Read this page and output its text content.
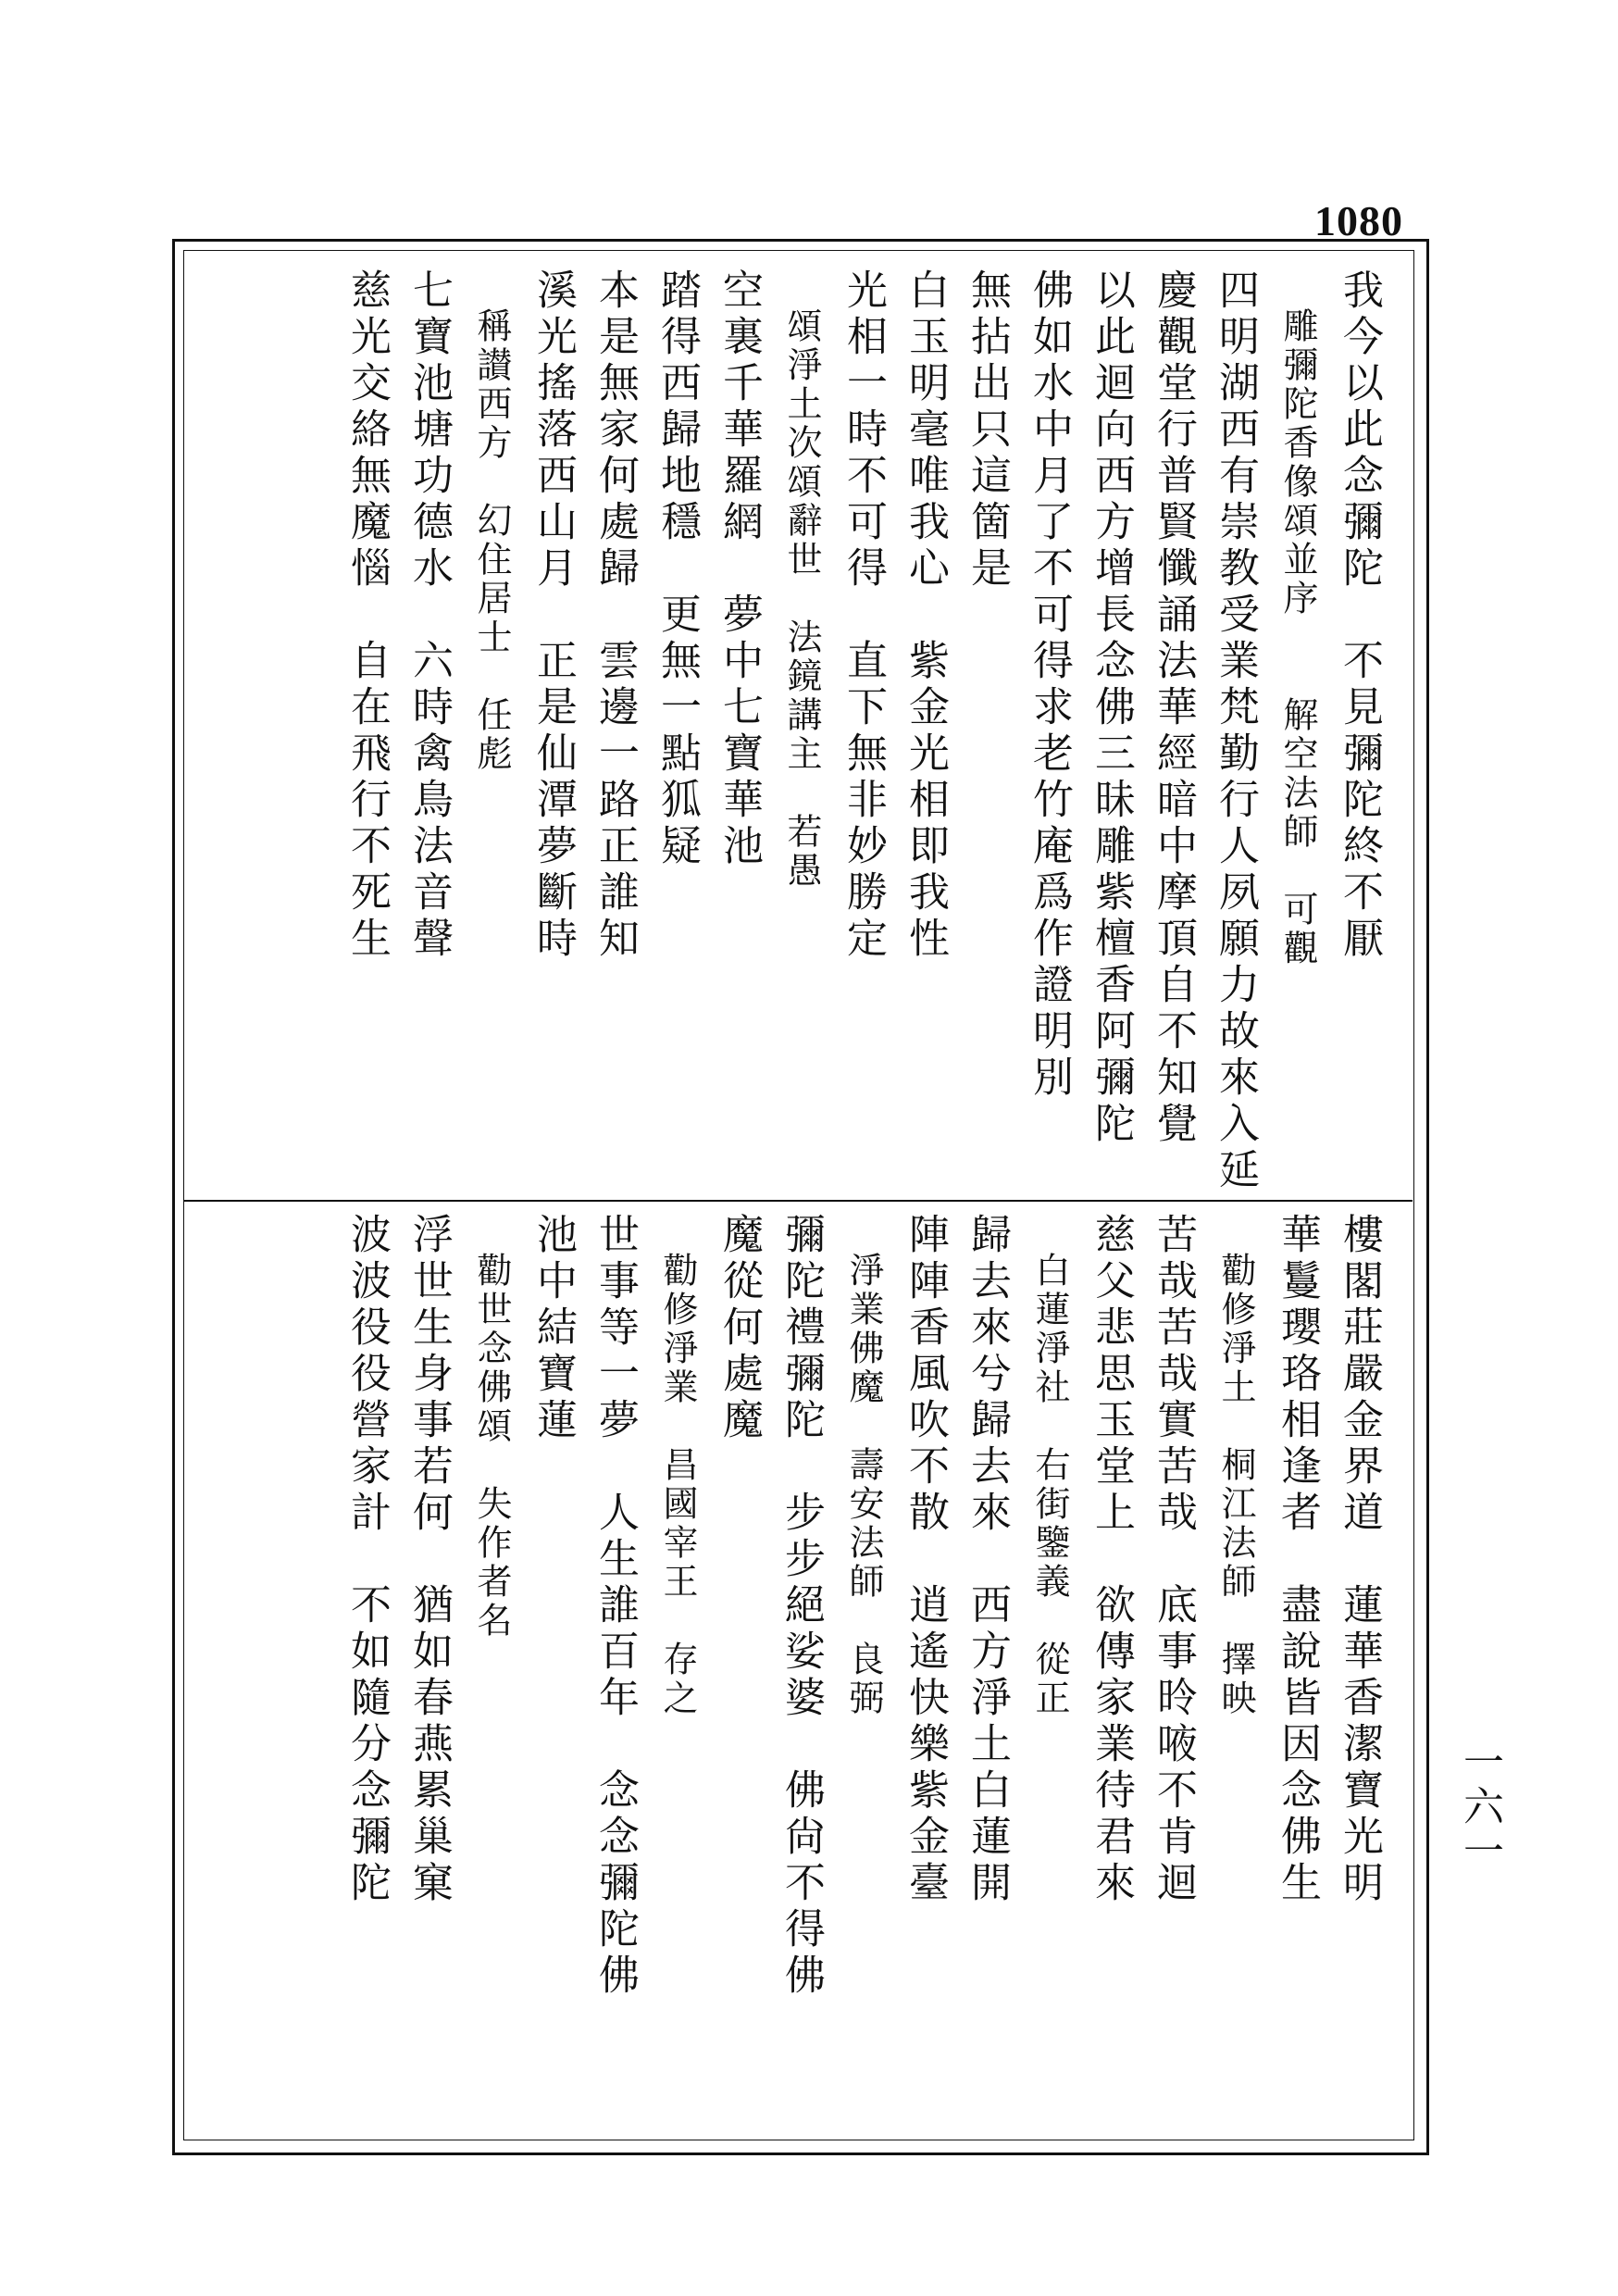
1080
我今以此念彌陀　不見彌陀終不厭
　雕彌陀香像頌並序　　解空法師　可觀
四明湖西有崇教受業梵勤行人夙願力故來入延
慶觀堂行普賢懺誦法華經暗中摩頂自不知覺
以此迴向西方增長念佛三昧雕紫檀香阿彌陀
佛如水中月了不可得求老竹庵爲作證明別
無拈出只這箇是
白玉明毫唯我心　紫金光相即我性
光相一時不可得　直下無非妙勝定
　頌淨土次頌辭世　法鏡講主　若愚
空裏千華羅網　夢中七寶華池
踏得西歸地穩　更無一點狐疑
本是無家何處歸　雲邊一路正誰知
溪光搖落西山月　正是仙潭夢斷時
　稱讃西方　幻住居士　任彪
七寶池塘功德水　六時禽鳥法音聲
慈光交絡無魔惱　自在飛行不死生
樓閣莊嚴金界道　蓮華香潔寶光明
華鬘瓔珞相逢者　盡說皆因念佛生
　勸修淨土　桐江法師　擇映
苦哉苦哉實苦哉　底事昤㖡不肯迴
慈父悲思玉堂上　欲傳家業待君來
　白蓮淨社　右街鑒義　從正
歸去來兮歸去來　西方淨土白蓮開
陣陣香風吹不散　逍遙快樂紫金臺
　淨業佛魔　壽安法師　良弼
彌陀禮彌陀　步步絕娑婆　佛尙不得佛
魔從何處魔
　勸修淨業　昌國宰王　存之
世事等一夢　人生誰百年　念念彌陀佛
池中結寶蓮
　勸世念佛頌　失作者名
浮世生身事若何　猶如春燕累巢窠
波波役役營家計　不如隨分念彌陀	一六一
